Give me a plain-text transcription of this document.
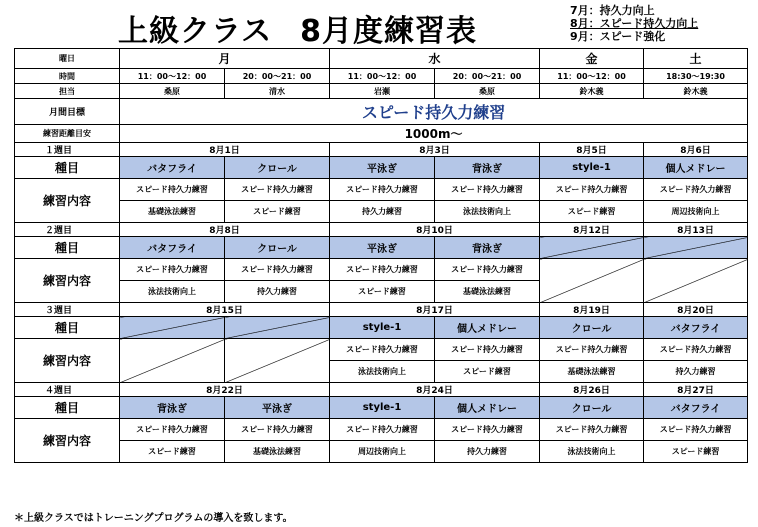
上級クラス 8月度練習表
7月：持久力向上
8月：スピード持久力向上
9月：スピード強化
曜日	月		水		金	土
時間	11：00～12：00	20：00～21：00	11：00～12：00	20：00～21：00	11：00～12：00	18:30～19:30
担当	桑原	清水	岩瀬	桑原	鈴木義	鈴木義
月間目標	スピード持久力練習					
練習距離目安	1000m～					
１週目	8月1日		8月3日		8月5日	8月6日
種目	バタフライ	クロール	平泳ぎ	背泳ぎ	style-1	個人メドレー
練習内容	スピード持久力練習	スピード持久力練習	スピード持久力練習	スピード持久力練習	スピード持久力練習	スピード持久力練習
	基礎泳法練習	スピード練習	持久力練習	泳法技術向上	スピード練習	周辺技術向上
２週目	8月8日		8月10日		8月12日	8月13日
種目	バタフライ	クロール	平泳ぎ	背泳ぎ		
練習内容	スピード持久力練習	スピード持久力練習	スピード持久力練習	スピード持久力練習		
	泳法技術向上	持久力練習	スピード練習	基礎泳法練習		
３週目	8月15日		8月17日		8月19日	8月20日
種目			style-1	個人メドレー	クロール	バタフライ
練習内容			スピード持久力練習	スピード持久力練習	スピード持久力練習	スピード持久力練習
			泳法技術向上	スピード練習	基礎泳法練習	持久力練習
４週目	8月22日		8月24日		8月26日	8月27日
種目	背泳ぎ	平泳ぎ	style-1	個人メドレー	クロール	バタフライ
練習内容	スピード持久力練習	スピード持久力練習	スピード持久力練習	スピード持久力練習	スピード持久力練習	スピード持久力練習
	スピード練習	基礎泳法練習	周辺技術向上	持久力練習	泳法技術向上	スピード練習
＊上級クラスではトレーニングプログラムの導入を致します。
